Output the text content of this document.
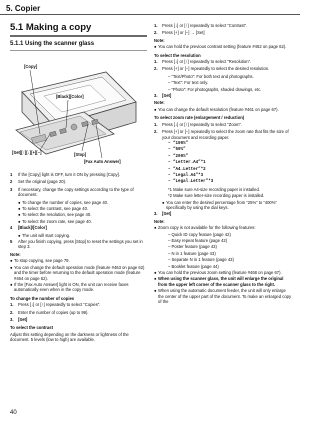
5. Copier
5.1 Making a copy
5.1.1 Using the scanner glass
[Copy]
[Black][Color]
[Set][↑][↓][+][−]	[Stop]
[Fax Auto Answer]
1	If the [Copy] light is OFF, turn it ON by pressing [Copy].
2	Set the original (page 20).
3	If necessary, change the copy settings according to the type of document.
● To change the number of copies, see page 40.
● To select the contrast, see page 40.
● To select the resolution, see page 40.
● To select the zoom rate, see page 40.
4	[Black]/[Color]
● The unit will start copying.
5	After you finish copying, press [Stop] to reset the settings you set in step 3.
Note:
● To stop copying, see page 79.
● You can change the default operation mode (feature #463 on page 62) and the timer before returning to the default operation mode (feature #464 on page 62).
● If the [Fax Auto Answer] light is ON, the unit can receive faxes automatically even when in the copy mode.
To change the number of copies
1.	Press [↓] or [↑] repeatedly to select “Copies”.
2.	Enter the number of copies (up to 99).
3.	[Set]
To select the contrast
Adjust this setting depending on the darkness or lightness of the document. 5 levels (low to high) are available.
1.	Press [↓] or [↑] repeatedly to select “Contrast”.
2.	Press [+] or [−] → [Set]
Note:
● You can hold the previous contrast setting (feature #462 on page 62).
To select the resolution
1.	Press [↓] or [↑] repeatedly to select “Resolution”.
2.	Press [+] or [−] repeatedly to select the desired resolution.
– “Text/Photo”: For both text and photographs.
– “Text”: For text only.
– “Photo”: For photographs, shaded drawings, etc.
3.	[Set]
Note:
● You can change the default resolution (feature #461 on page 67).
To select zoom rate (enlargement / reduction)
1.	Press [↓] or [↑] repeatedly to select “Zoom”.
2.	Press [+] or [−] repeatedly to select the zoom rate that fits the size of your document and recording paper.
– “100%”
– “50%”
– “200%”
– “Letter→A4”*1
– “A4→Letter”*2
– “Legal→A4”*3
– “Legal→Letter”*3
*1 Make sure A4-size recording paper is installed.
*2 Make sure letter-size recording paper is installed.
● You can enter the desired percentage from “25%” to “400%” specifically by using the dial keys.
3.	[Set]
Note:
● Zoom copy is not available for the following features:
– Quick ID copy feature (page 42)
– Easy repeat feature (page 42)
– Poster feature (page 43)
– N in 1 feature (page 43)
– Separate N in 1 feature (page 43)
– Booklet feature (page 44)
● You can hold the previous zoom setting (feature #468 on page 67).
● When using the scanner glass, the unit will enlarge the original from the upper left corner of the scanner glass to the right.
● When using the automatic document feeder, the unit will only enlarge the center of the upper part of the document. To make an enlarged copy of the
40
